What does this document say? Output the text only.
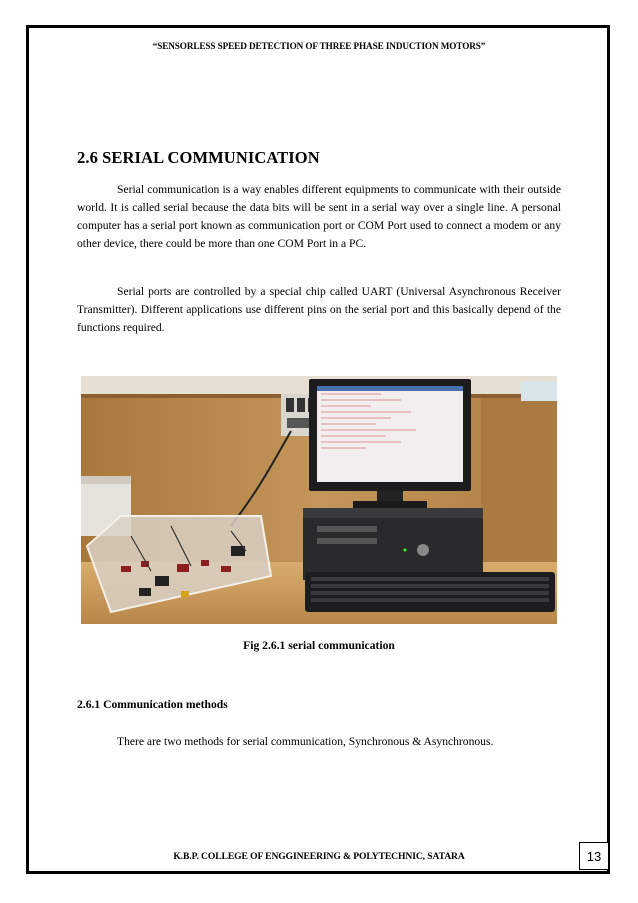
“SENSORLESS SPEED DETECTION OF THREE PHASE INDUCTION MOTORS”
2.6 SERIAL COMMUNICATION

Serial communication is a way enables different equipments to communicate with their outside world. It is called serial because the data bits will be sent in a serial way over a single line. A personal computer has a serial port known as communication port or COM Port used to connect a modem or any other device, there could be more than one COM Port in a PC.

Serial ports are controlled by a special chip called UART (Universal Asynchronous Receiver Transmitter). Different applications use different pins on the serial port and this basically depend of the functions required.

Fig 2.6.1 serial communication
2.6.1 Communication methods

There are two methods for serial communication, Synchronous & Asynchronous.

K.B.P. COLLEGE OF ENGGINEERING & POLYTECHNIC, SATARA	13
